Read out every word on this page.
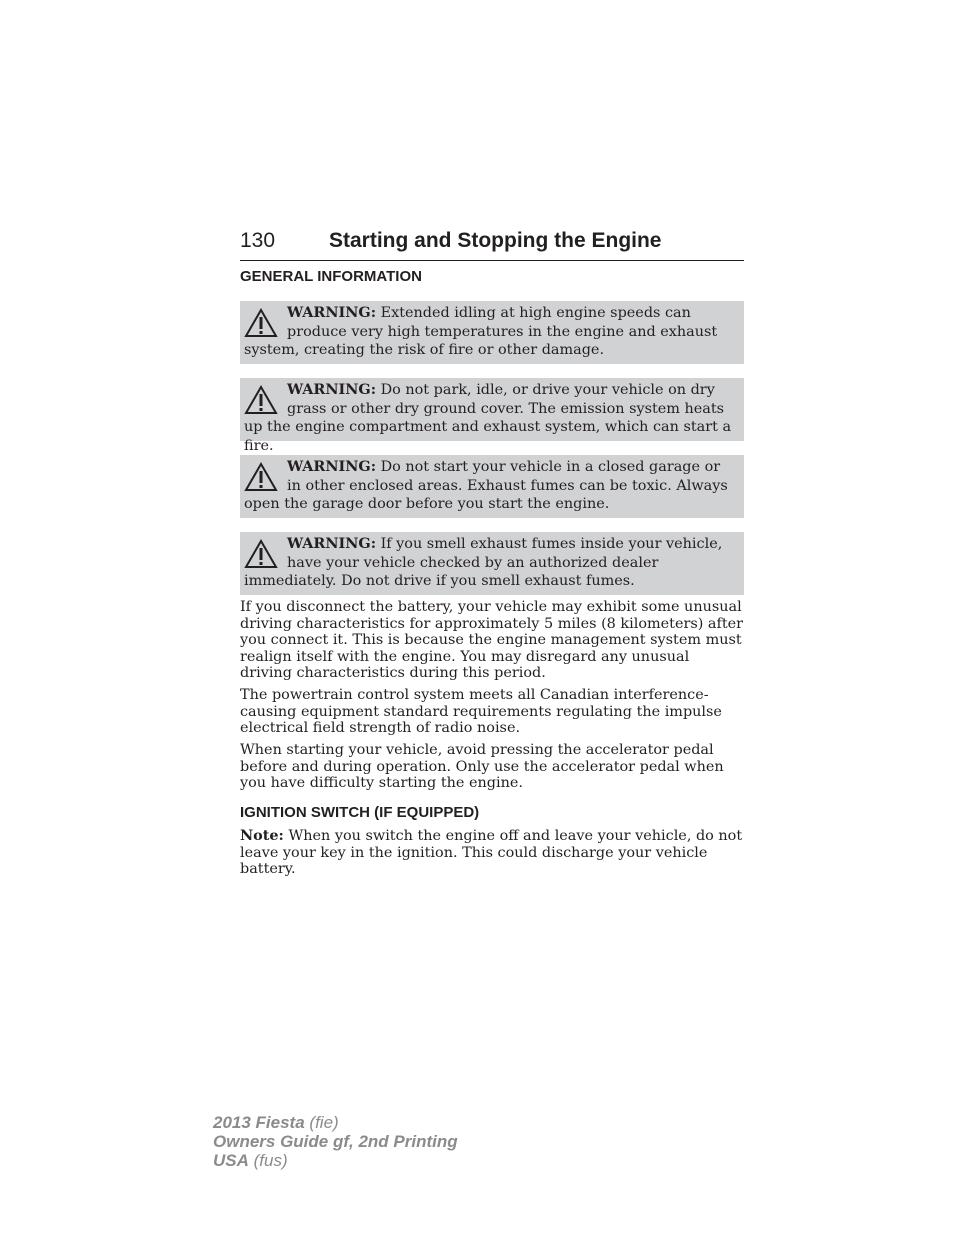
130	Starting and Stopping the Engine
GENERAL INFORMATION
WARNING: Extended idling at high engine speeds can produce very high temperatures in the engine and exhaust system, creating the risk of fire or other damage.
WARNING: Do not park, idle, or drive your vehicle on dry grass or other dry ground cover. The emission system heats up the engine compartment and exhaust system, which can start a fire.
WARNING: Do not start your vehicle in a closed garage or in other enclosed areas. Exhaust fumes can be toxic. Always open the garage door before you start the engine.
WARNING: If you smell exhaust fumes inside your vehicle, have your vehicle checked by an authorized dealer immediately. Do not drive if you smell exhaust fumes.
If you disconnect the battery, your vehicle may exhibit some unusual driving characteristics for approximately 5 miles (8 kilometers) after you connect it. This is because the engine management system must realign itself with the engine. You may disregard any unusual driving characteristics during this period.
The powertrain control system meets all Canadian interference-causing equipment standard requirements regulating the impulse electrical field strength of radio noise.
When starting your vehicle, avoid pressing the accelerator pedal before and during operation. Only use the accelerator pedal when you have difficulty starting the engine.
IGNITION SWITCH (IF EQUIPPED)
Note: When you switch the engine off and leave your vehicle, do not leave your key in the ignition. This could discharge your vehicle battery.
2013 Fiesta (fie)
Owners Guide gf, 2nd Printing
USA (fus)
